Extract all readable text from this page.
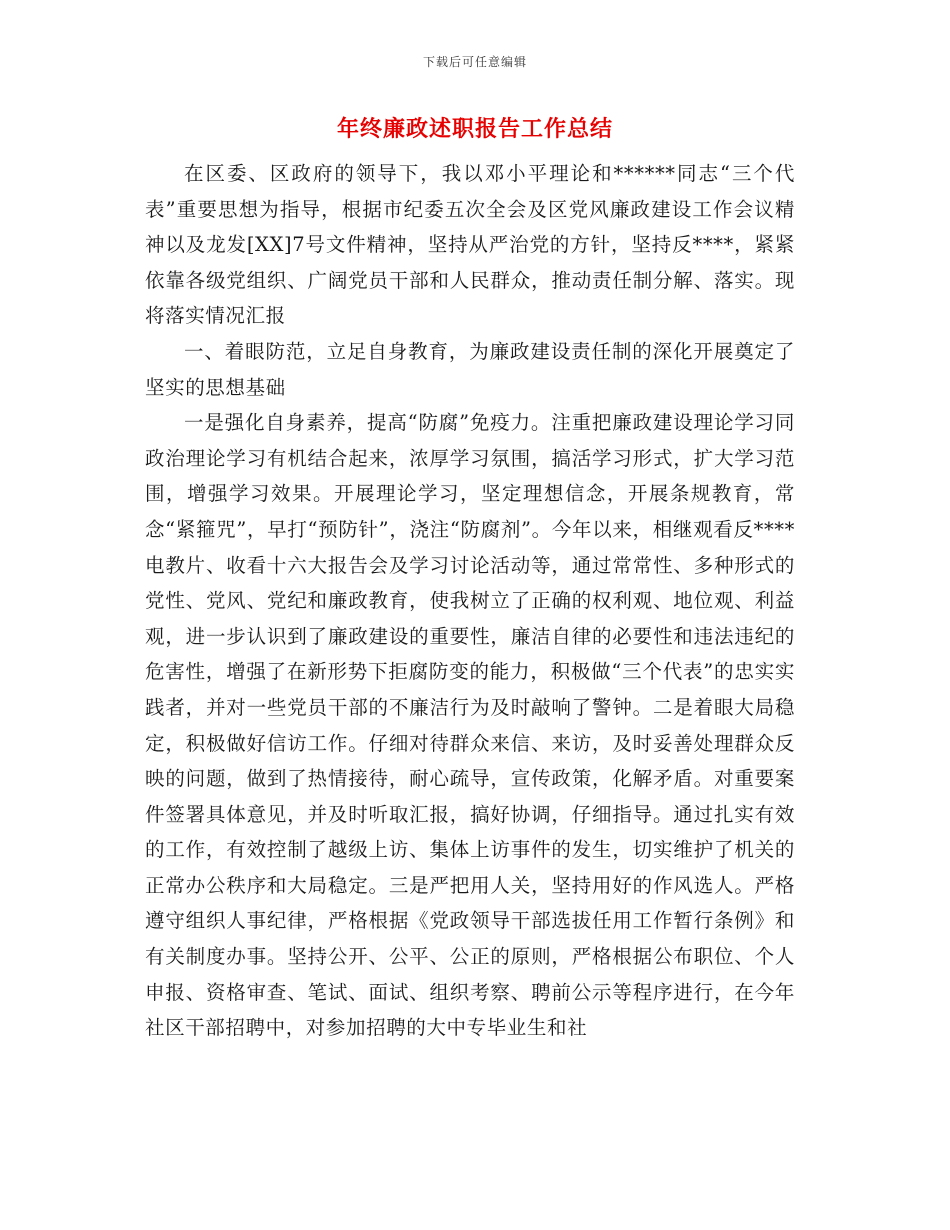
下载后可任意编辑
年终廉政述职报告工作总结

在区委、区政府的领导下，我以邓小平理论和******同志“三个代表”重要思想为指导，根据市纪委五次全会及区党风廉政建设工作会议精神以及龙发[XX]7号文件精神，坚持从严治党的方针，坚持反****，紧紧依靠各级党组织、广阔党员干部和人民群众，推动责任制分解、落实。现将落实情况汇报

一、着眼防范，立足自身教育，为廉政建设责任制的深化开展奠定了坚实的思想基础

一是强化自身素养，提高“防腐”免疫力。注重把廉政建设理论学习同政治理论学习有机结合起来，浓厚学习氛围，搞活学习形式，扩大学习范围，增强学习效果。开展理论学习，坚定理想信念，开展条规教育，常念“紧箍咒”，早打“预防针”，浇注“防腐剂”。今年以来，相继观看反****电教片、收看十六大报告会及学习讨论活动等，通过常常性、多种形式的党性、党风、党纪和廉政教育，使我树立了正确的权利观、地位观、利益观，进一步认识到了廉政建设的重要性，廉洁自律的必要性和违法违纪的危害性，增强了在新形势下拒腐防变的能力，积极做“三个代表”的忠实实践者，并对一些党员干部的不廉洁行为及时敲响了警钟。二是着眼大局稳定，积极做好信访工作。仔细对待群众来信、来访，及时妥善处理群众反映的问题，做到了热情接待，耐心疏导，宣传政策，化解矛盾。对重要案件签署具体意见，并及时听取汇报，搞好协调，仔细指导。通过扎实有效的工作，有效控制了越级上访、集体上访事件的发生，切实维护了机关的正常办公秩序和大局稳定。三是严把用人关，坚持用好的作风选人。严格遵守组织人事纪律，严格根据《党政领导干部选拔任用工作暂行条例》和有关制度办事。坚持公开、公平、公正的原则，严格根据公布职位、个人申报、资格审查、笔试、面试、组织考察、聘前公示等程序进行，在今年社区干部招聘中，对参加招聘的大中专毕业生和社
